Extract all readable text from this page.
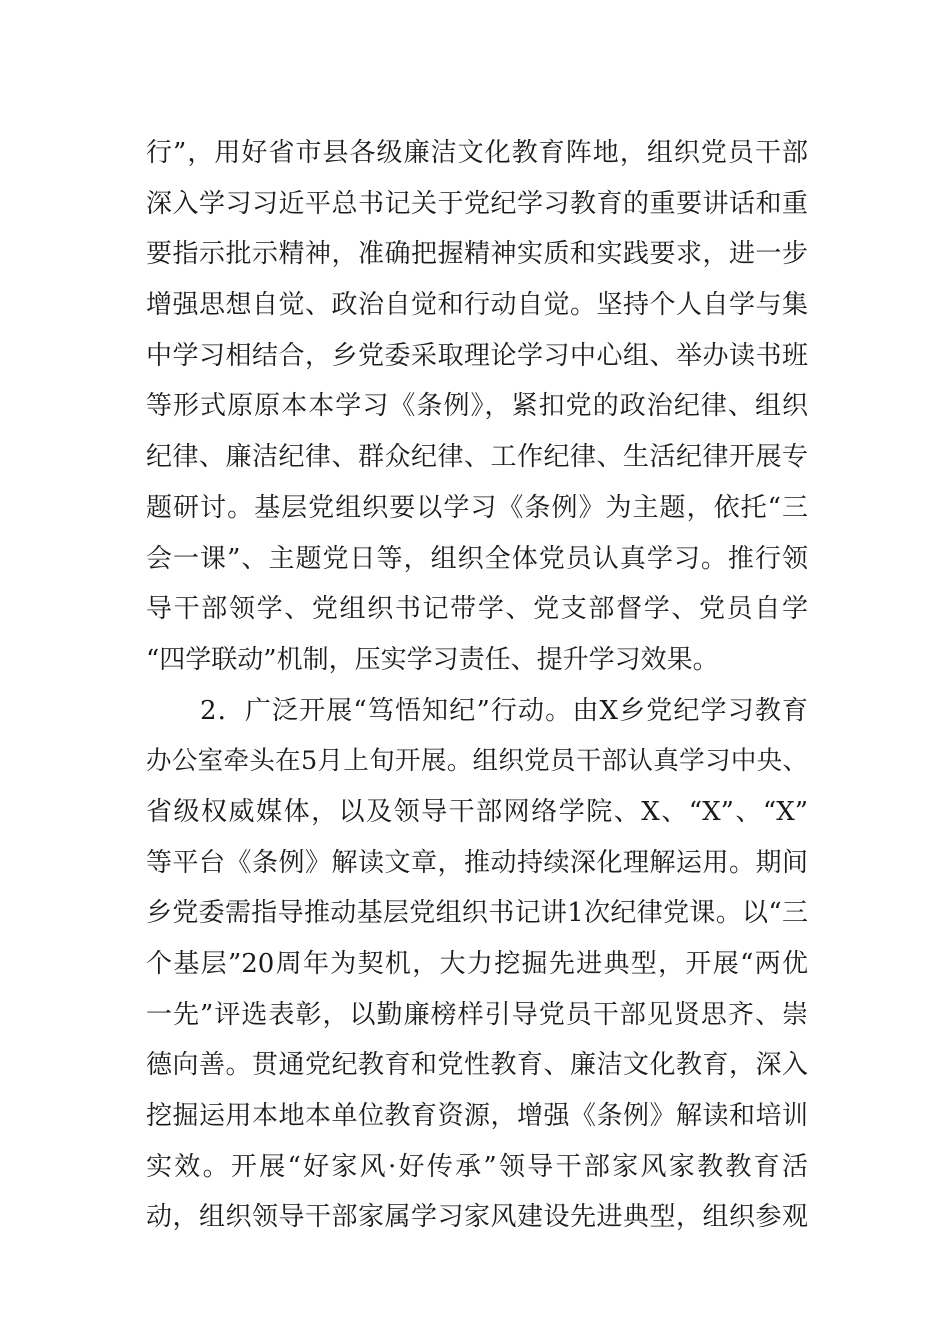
行”，用好省市县各级廉洁文化教育阵地，组织党员干部
深入学习习近平总书记关于党纪学习教育的重要讲话和重
要指示批示精神，准确把握精神实质和实践要求，进一步
增强思想自觉、政治自觉和行动自觉。坚持个人自学与集
中学习相结合，乡党委采取理论学习中心组、举办读书班
等形式原原本本学习《条例》，紧扣党的政治纪律、组织
纪律、廉洁纪律、群众纪律、工作纪律、生活纪律开展专
题研讨。基层党组织要以学习《条例》为主题，依托“三
会一课”、主题党日等，组织全体党员认真学习。推行领
导干部领学、党组织书记带学、党支部督学、党员自学
“四学联动”机制，压实学习责任、提升学习效果。
2．广泛开展“笃悟知纪”行动。由X乡党纪学习教育
办公室牵头在5月上旬开展。组织党员干部认真学习中央、
省级权威媒体，以及领导干部网络学院、X、“X”、“X”
等平台《条例》解读文章，推动持续深化理解运用。期间
乡党委需指导推动基层党组织书记讲1次纪律党课。以“三
个基层”20周年为契机，大力挖掘先进典型，开展“两优
一先”评选表彰，以勤廉榜样引导党员干部见贤思齐、崇
德向善。贯通党纪教育和党性教育、廉洁文化教育，深入
挖掘运用本地本单位教育资源，增强《条例》解读和培训
实效。开展“好家风·好传承”领导干部家风家教教育活
动，组织领导干部家属学习家风建设先进典型，组织参观
